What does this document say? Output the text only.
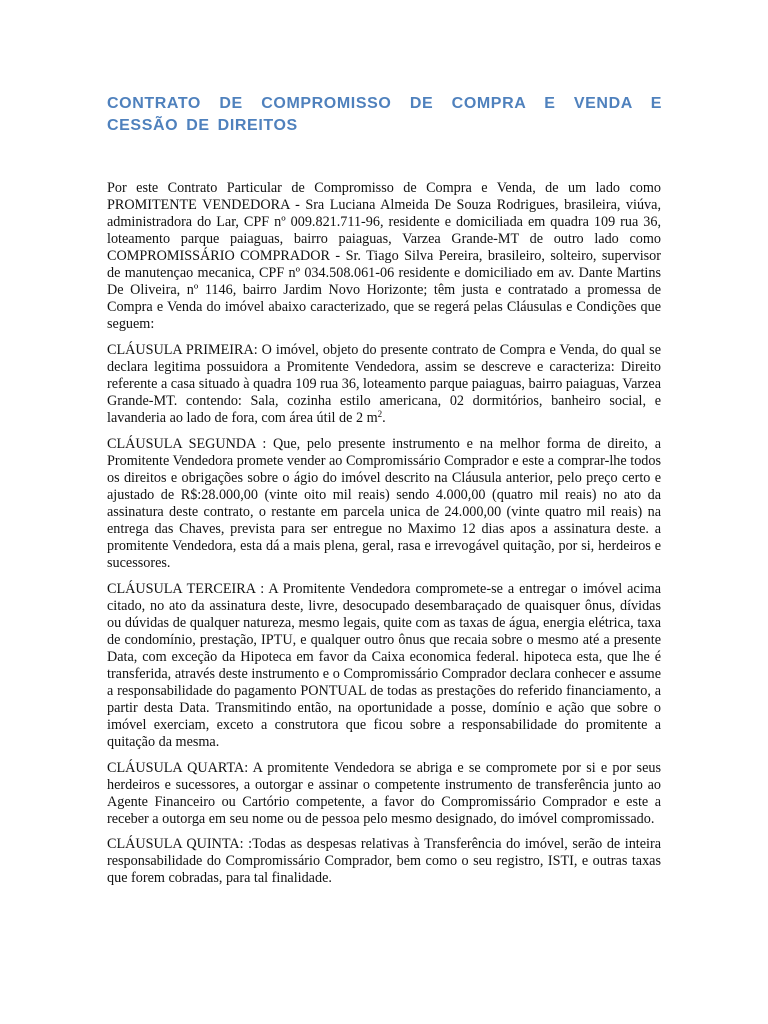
CONTRATO DE COMPROMISSO DE COMPRA E VENDA E CESSÃO DE DIREITOS

Por este Contrato Particular de Compromisso de Compra e Venda, de um lado como PROMITENTE VENDEDORA - Sra Luciana Almeida De Souza Rodrigues, brasileira, viúva, administradora do Lar, CPF nº 009.821.711-96, residente e domiciliada em quadra 109 rua 36, loteamento parque paiaguas, bairro paiaguas, Varzea Grande-MT de outro lado como COMPROMISSÁRIO COMPRADOR - Sr. Tiago Silva Pereira, brasileiro, solteiro, supervisor de manutençao mecanica, CPF nº 034.508.061-06 residente e domiciliado em av. Dante Martins De Oliveira, nº 1146, bairro Jardim Novo Horizonte; têm justa e contratado a promessa de Compra e Venda do imóvel abaixo caracterizado, que se regerá pelas Cláusulas e Condições que seguem:

CLÁUSULA PRIMEIRA: O imóvel, objeto do presente contrato de Compra e Venda, do qual se declara legitima possuidora a Promitente Vendedora, assim se descreve e caracteriza: Direito referente a casa situado à quadra 109 rua 36, loteamento parque paiaguas, bairro paiaguas, Varzea Grande-MT. contendo: Sala, cozinha estilo americana, 02 dormitórios, banheiro social, e lavanderia ao lado de fora, com área útil de 2 $m^2$.

CLÁUSULA SEGUNDA : Que, pelo presente instrumento e na melhor forma de direito, a Promitente Vendedora promete vender ao Compromissário Comprador e este a comprar-lhe todos os direitos e obrigações sobre o ágio do imóvel descrito na Cláusula anterior, pelo preço certo e ajustado de R$:28.000,00 (vinte oito mil reais) sendo 4.000,00 (quatro mil reais) no ato da assinatura deste contrato, o restante em parcela unica de 24.000,00 (vinte quatro mil reais) na entrega das Chaves, prevista para ser entregue no Maximo 12 dias apos a assinatura deste. a promitente Vendedora, esta dá a mais plena, geral, rasa e irrevogável quitação, por si, herdeiros e sucessores.

CLÁUSULA TERCEIRA : A Promitente Vendedora compromete-se a entregar o imóvel acima citado, no ato da assinatura deste, livre, desocupado desembaraçado de quaisquer ônus, dívidas ou dúvidas de qualquer natureza, mesmo legais, quite com as taxas de água, energia elétrica, taxa de condomínio, prestação, IPTU, e qualquer outro ônus que recaia sobre o mesmo até a presente Data, com exceção da Hipoteca em favor da Caixa economica federal. hipoteca esta, que lhe é transferida, através deste instrumento e o Compromissário Comprador declara conhecer e assume a responsabilidade do pagamento PONTUAL de todas as prestações do referido financiamento, a partir desta Data. Transmitindo então, na oportunidade a posse, domínio e ação que sobre o imóvel exerciam, exceto a construtora que ficou sobre a responsabilidade do promitente a quitação da mesma.

CLÁUSULA QUARTA: A promitente Vendedora se abriga e se compromete por si e por seus herdeiros e sucessores, a outorgar e assinar o competente instrumento de transferência junto ao Agente Financeiro ou Cartório competente, a favor do Compromissário Comprador e este a receber a outorga em seu nome ou de pessoa pelo mesmo designado, do imóvel compromissado.

CLÁUSULA QUINTA: :Todas as despesas relativas à Transferência do imóvel, serão de inteira responsabilidade do Compromissário Comprador, bem como o seu registro, ISTI, e outras taxas que forem cobradas, para tal finalidade.
